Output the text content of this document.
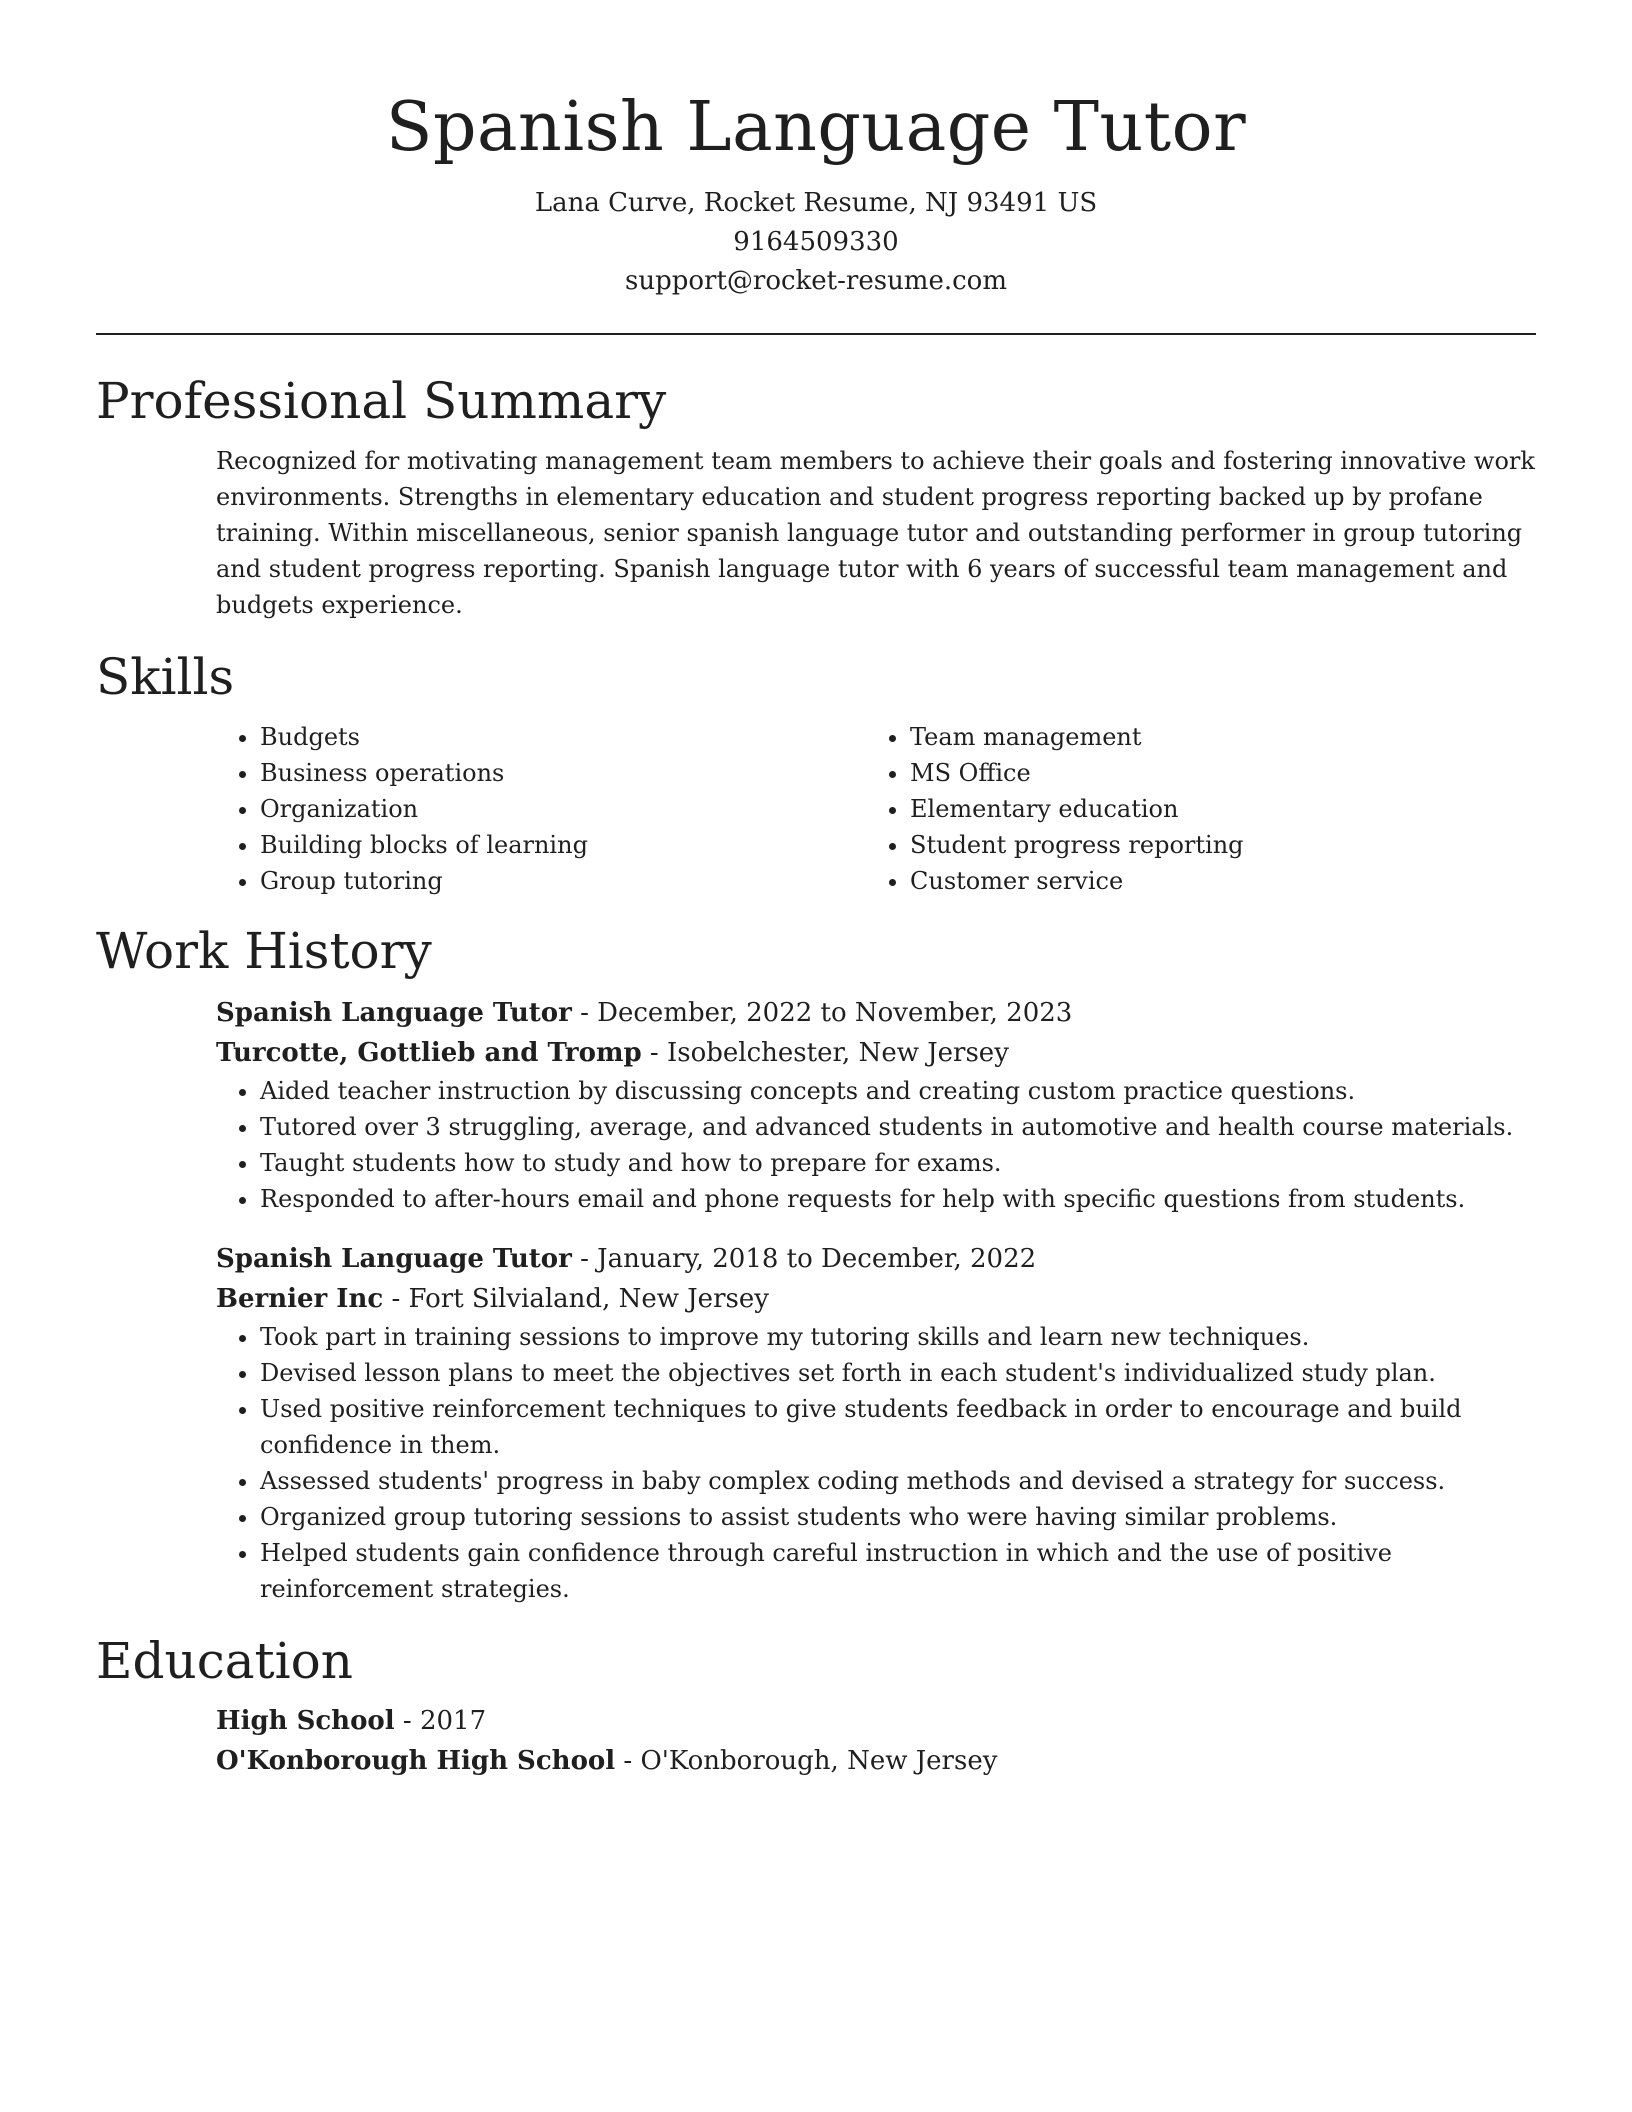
Spanish Language Tutor
Lana Curve, Rocket Resume, NJ 93491 US
9164509330
support@rocket-resume.com
Professional Summary

Recognized for motivating management team members to achieve their goals and fostering innovative work environments. Strengths in elementary education and student progress reporting backed up by profane training. Within miscellaneous, senior spanish language tutor and outstanding performer in group tutoring and student progress reporting. Spanish language tutor with 6 years of successful team management and budgets experience.

Skills
• Budgets
• Business operations
• Organization
• Building blocks of learning
• Group tutoring
• Team management
• MS Office
• Elementary education
• Student progress reporting
• Customer service
Work History
Spanish Language Tutor - December, 2022 to November, 2023
Turcotte, Gottlieb and Tromp - Isobelchester, New Jersey
• Aided teacher instruction by discussing concepts and creating custom practice questions.
• Tutored over 3 struggling, average, and advanced students in automotive and health course materials.
• Taught students how to study and how to prepare for exams.
• Responded to after-hours email and phone requests for help with specific questions from students.
Spanish Language Tutor - January, 2018 to December, 2022
Bernier Inc - Fort Silvialand, New Jersey
• Took part in training sessions to improve my tutoring skills and learn new techniques.
• Devised lesson plans to meet the objectives set forth in each student's individualized study plan.
• Used positive reinforcement techniques to give students feedback in order to encourage and build confidence in them.
• Assessed students' progress in baby complex coding methods and devised a strategy for success.
• Organized group tutoring sessions to assist students who were having similar problems.
• Helped students gain confidence through careful instruction in which and the use of positive reinforcement strategies.
Education
High School - 2017
O'Konborough High School - O'Konborough, New Jersey
